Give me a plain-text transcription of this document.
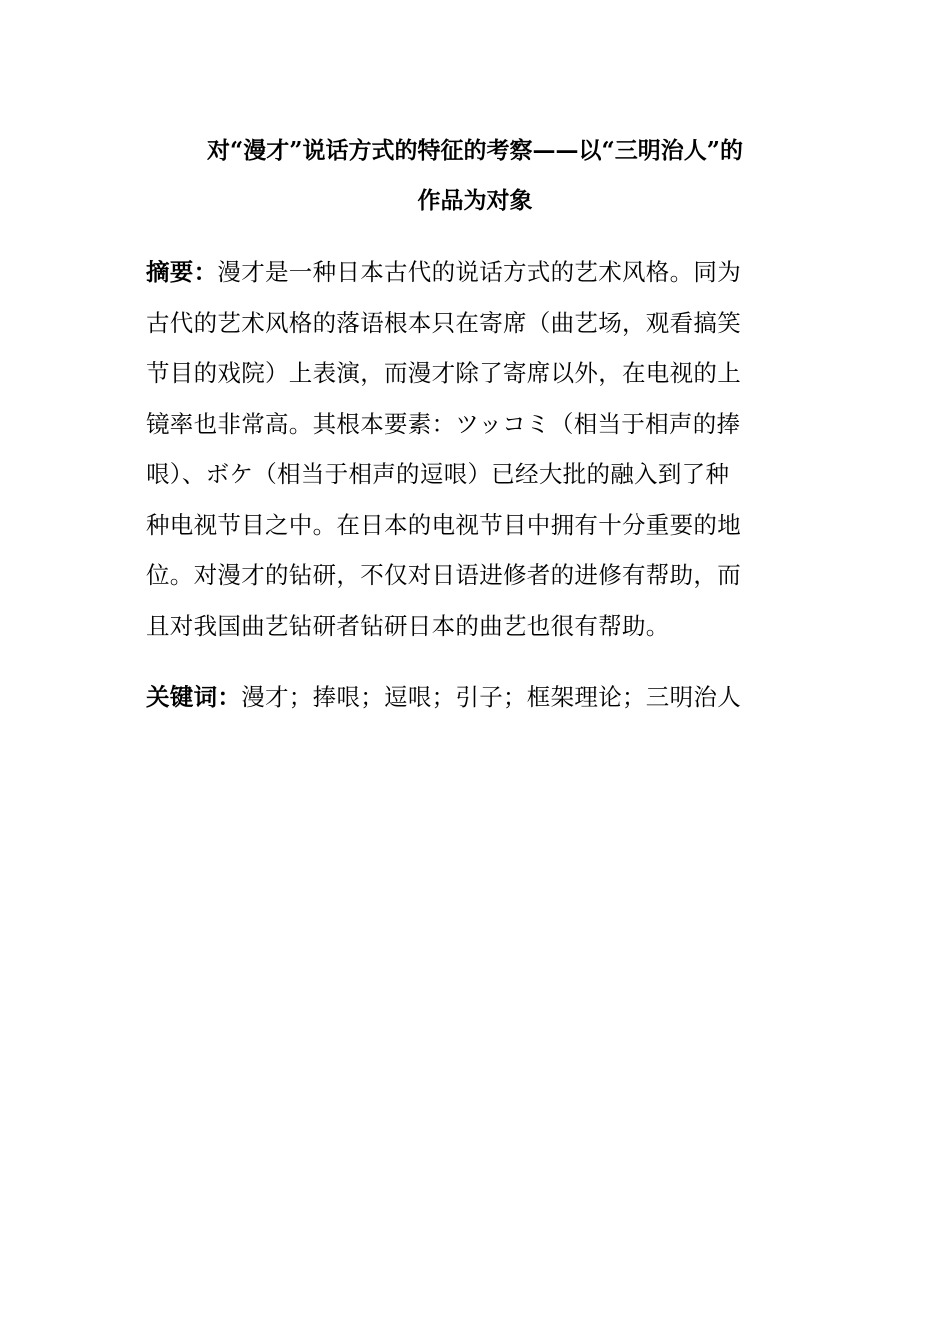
对“漫才”说话方式的特征的考察——以“三明治人”的
作品为对象

摘要：漫才是一种日本古代的说话方式的艺术风格。同为
古代的艺术风格的落语根本只在寄席（曲艺场，观看搞笑
节目的戏院）上表演，而漫才除了寄席以外，在电视的上
镜率也非常高。其根本要素：ツッコミ（相当于相声的捧
哏）、ボケ（相当于相声的逗哏）已经大批的融入到了种
种电视节目之中。在日本的电视节目中拥有十分重要的地
位。对漫才的钻研，不仅对日语进修者的进修有帮助，而
且对我国曲艺钻研者钻研日本的曲艺也很有帮助。

关键词：漫才；捧哏；逗哏；引子；框架理论；三明治人
